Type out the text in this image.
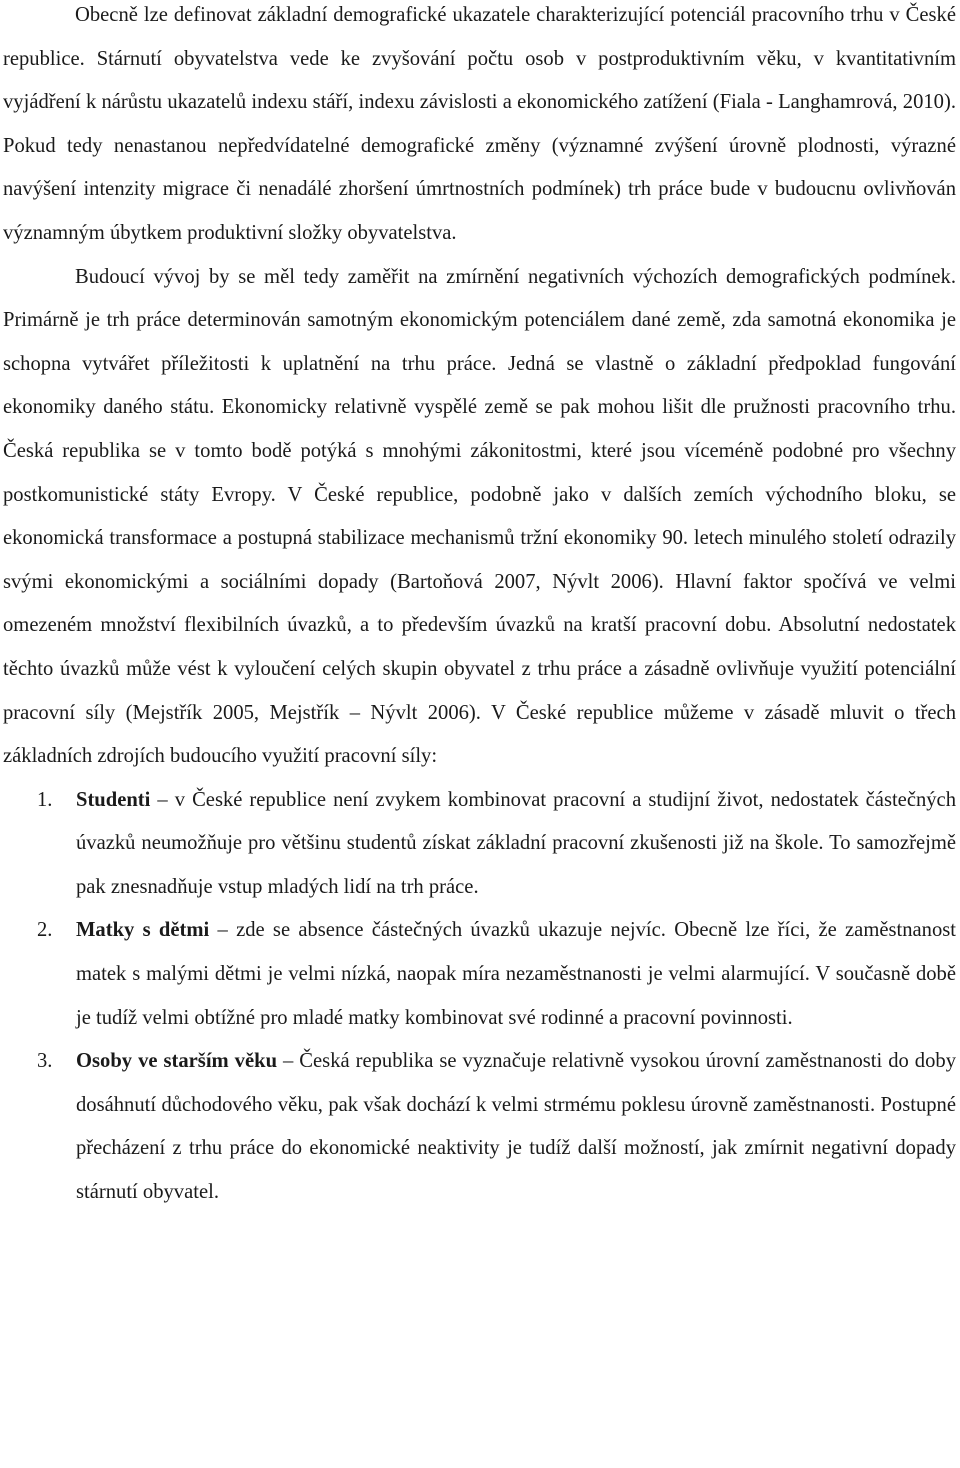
Obecně lze definovat základní demografické ukazatele charakterizující potenciál pracovního trhu v České republice. Stárnutí obyvatelstva vede ke zvyšování počtu osob v postproduktivním věku, v kvantitativním vyjádření k nárůstu ukazatelů indexu stáří, indexu závislosti a ekonomického zatížení (Fiala - Langhamrová, 2010). Pokud tedy nenastanou nepředvídatelné demografické změny (významné zvýšení úrovně plodnosti, výrazné navýšení intenzity migrace či nenadálé zhoršení úmrtnostních podmínek) trh práce bude v budoucnu ovlivňován významným úbytkem produktivní složky obyvatelstva.

Budoucí vývoj by se měl tedy zaměřit na zmírnění negativních výchozích demografických podmínek. Primárně je trh práce determinován samotným ekonomickým potenciálem dané země, zda samotná ekonomika je schopna vytvářet příležitosti k uplatnění na trhu práce. Jedná se vlastně o základní předpoklad fungování ekonomiky daného státu. Ekonomicky relativně vyspělé země se pak mohou lišit dle pružnosti pracovního trhu. Česká republika se v tomto bodě potýká s mnohými zákonitostmi, které jsou víceméně podobné pro všechny postkomunistické státy Evropy. V České republice, podobně jako v dalších zemích východního bloku, se ekonomická transformace a postupná stabilizace mechanismů tržní ekonomiky 90. letech minulého století odrazily svými ekonomickými a sociálními dopady (Bartoňová 2007, Nývlt 2006). Hlavní faktor spočívá ve velmi omezeném množství flexibilních úvazků, a to především úvazků na kratší pracovní dobu. Absolutní nedostatek těchto úvazků může vést k vyloučení celých skupin obyvatel z trhu práce a zásadně ovlivňuje využití potenciální pracovní síly (Mejstřík 2005, Mejstřík – Nývlt 2006). V České republice můžeme v zásadě mluvit o třech základních zdrojích budoucího využití pracovní síly:

1. Studenti – v České republice není zvykem kombinovat pracovní a studijní život, nedostatek částečných úvazků neumožňuje pro většinu studentů získat základní pracovní zkušenosti již na škole. To samozřejmě pak znesnadňuje vstup mladých lidí na trh práce.
2. Matky s dětmi – zde se absence částečných úvazků ukazuje nejvíc. Obecně lze říci, že zaměstnanost matek s malými dětmi je velmi nízká, naopak míra nezaměstnanosti je velmi alarmující. V současně době je tudíž velmi obtížné pro mladé matky kombinovat své rodinné a pracovní povinnosti.
3. Osoby ve starším věku – Česká republika se vyznačuje relativně vysokou úrovní zaměstnanosti do doby dosáhnutí důchodového věku, pak však dochází k velmi strmému poklesu úrovně zaměstnanosti. Postupné přecházení z trhu práce do ekonomické neaktivity je tudíž další možností, jak zmírnit negativní dopady stárnutí obyvatel.
